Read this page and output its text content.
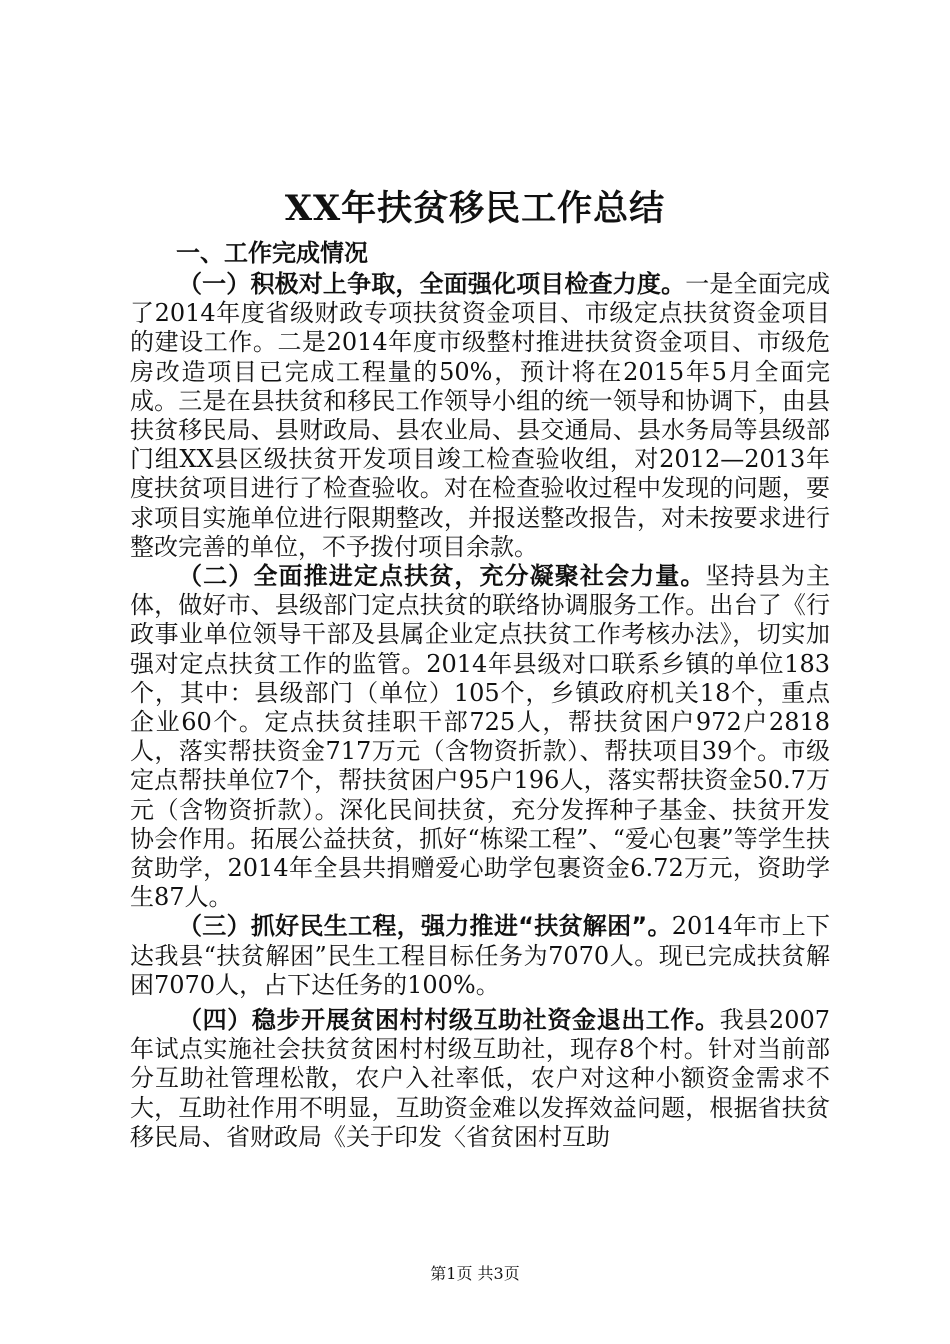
XX年扶贫移民工作总结
一、工作完成情况

（一）积极对上争取，全面强化项目检查力度。一是全面完成了2014年度省级财政专项扶贫资金项目、市级定点扶贫资金项目的建设工作。二是2014年度市级整村推进扶贫资金项目、市级危房改造项目已完成工程量的50%，预计将在2015年5月全面完成。三是在县扶贫和移民工作领导小组的统一领导和协调下，由县扶贫移民局、县财政局、县农业局、县交通局、县水务局等县级部门组XX县区级扶贫开发项目竣工检查验收组，对2012—2013年度扶贫项目进行了检查验收。对在检查验收过程中发现的问题，要求项目实施单位进行限期整改，并报送整改报告，对未按要求进行整改完善的单位，不予拨付项目余款。

（二）全面推进定点扶贫，充分凝聚社会力量。坚持县为主体，做好市、县级部门定点扶贫的联络协调服务工作。出台了《行政事业单位领导干部及县属企业定点扶贫工作考核办法》，切实加强对定点扶贫工作的监管。2014年县级对口联系乡镇的单位183个，其中：县级部门（单位）105个，乡镇政府机关18个，重点企业60个。定点扶贫挂职干部725人，帮扶贫困户972户2818人，落实帮扶资金717万元（含物资折款）、帮扶项目39个。市级定点帮扶单位7个，帮扶贫困户95户196人，落实帮扶资金50.7万元（含物资折款）。深化民间扶贫，充分发挥种子基金、扶贫开发协会作用。拓展公益扶贫，抓好“栋梁工程”、“爱心包裹”等学生扶贫助学，2014年全县共捐赠爱心助学包裹资金6.72万元，资助学生87人。

（三）抓好民生工程，强力推进“扶贫解困”。2014年市上下达我县“扶贫解困”民生工程目标任务为7070人。现已完成扶贫解困7070人，占下达任务的100%。

（四）稳步开展贫困村村级互助社资金退出工作。我县2007年试点实施社会扶贫贫困村村级互助社，现存8个村。针对当前部分互助社管理松散，农户入社率低，农户对这种小额资金需求不大，互助社作用不明显，互助资金难以发挥效益问题，根据省扶贫移民局、省财政局《关于印发〈省贫困村互助

第1页 共3页
